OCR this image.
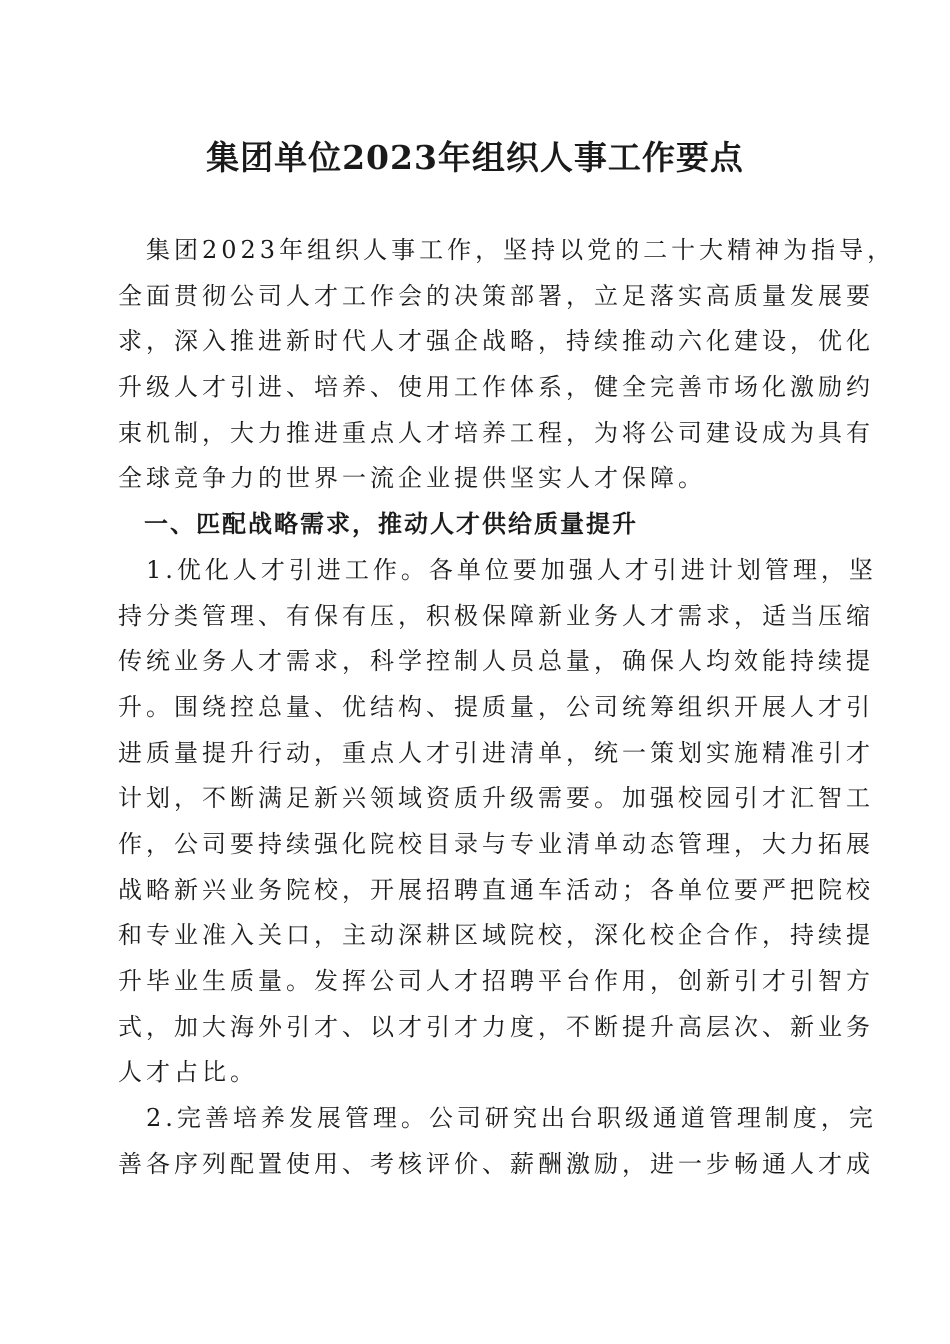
集团单位2023年组织人事工作要点
　集团2023年组织人事工作，坚持以党的二十大精神为指导，
全面贯彻公司人才工作会的决策部署，立足落实高质量发展要
求，深入推进新时代人才强企战略，持续推动六化建设，优化
升级人才引进、培养、使用工作体系，健全完善市场化激励约
束机制，大力推进重点人才培养工程，为将公司建设成为具有
全球竞争力的世界一流企业提供坚实人才保障。
　一、匹配战略需求，推动人才供给质量提升
　1.优化人才引进工作。各单位要加强人才引进计划管理，坚
持分类管理、有保有压，积极保障新业务人才需求，适当压缩
传统业务人才需求，科学控制人员总量，确保人均效能持续提
升。围绕控总量、优结构、提质量，公司统筹组织开展人才引
进质量提升行动，重点人才引进清单，统一策划实施精准引才
计划，不断满足新兴领域资质升级需要。加强校园引才汇智工
作，公司要持续强化院校目录与专业清单动态管理，大力拓展
战略新兴业务院校，开展招聘直通车活动；各单位要严把院校
和专业准入关口，主动深耕区域院校，深化校企合作，持续提
升毕业生质量。发挥公司人才招聘平台作用，创新引才引智方
式，加大海外引才、以才引才力度，不断提升高层次、新业务
人才占比。
　2.完善培养发展管理。公司研究出台职级通道管理制度，完
善各序列配置使用、考核评价、薪酬激励，进一步畅通人才成
